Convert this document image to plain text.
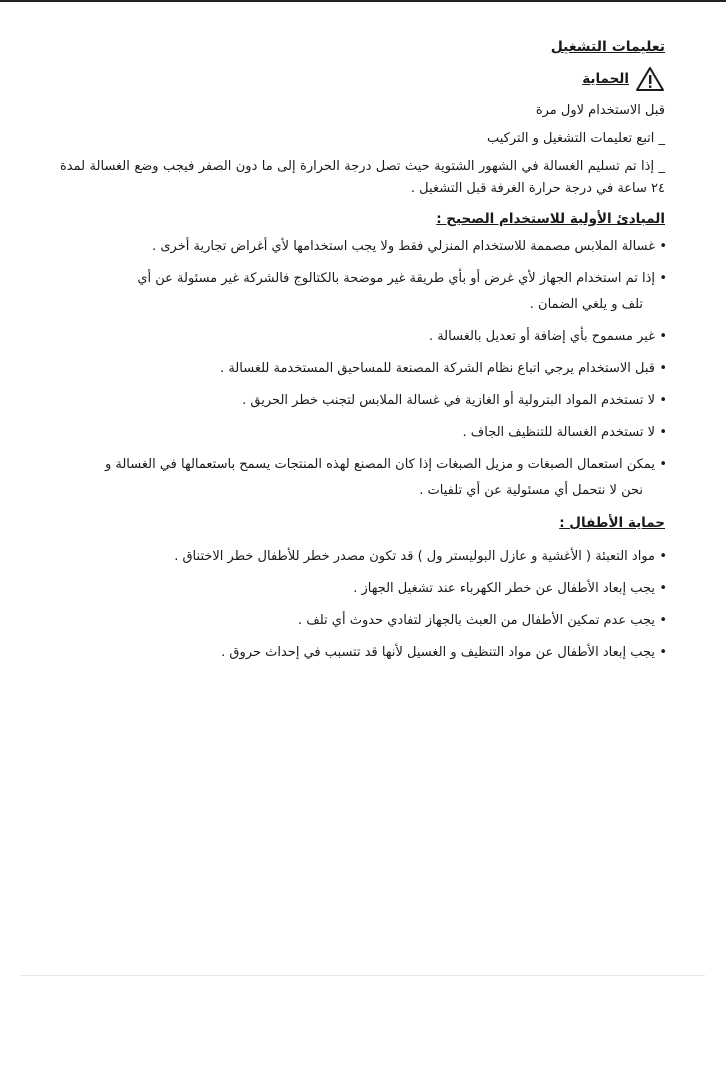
تعليمات التشغيل
الحماية

قبل الاستخدام لاول مرة

_ اتبع تعليمات التشغيل و التركيب

_ إذا تم تسليم الغسالة في الشهور الشتوية حيث تصل درجة الحرارة إلى ما دون الصفر فيجب وضع الغسالة لمدة ٢٤ ساعة في درجة حرارة الغرفة قبل التشغيل .

المبادئ الأولية للاستخدام الصحيح :
• غسالة الملابس مصممة للاستخدام المنزلي فقط ولا يجب استخدامها لأي أغراض تجارية أخرى .
• إذا تم استخدام الجهاز لأي غرض أو بأي طريقة غير موضحة بالكتالوج فالشركة غير مسئولة عن أي
تلف و يلغي الضمان .
• غير مسموح بأي إضافة أو تعديل بالغسالة .
• قبل الاستخدام يرجي اتباع نظام الشركة المصنعة للمساحيق المستخدمة للغسالة .
• لا تستخدم المواد البترولية أو الغازية في غسالة الملابس لتجنب خطر الحريق .
• لا تستخدم الغسالة للتنظيف الجاف .
• يمكن استعمال الصبغات و مزيل الصبغات إذا كان المصنع لهذه المنتجات يسمح باستعمالها في الغسالة و
نحن لا نتحمل أي مسئولية عن أي تلفيات .
حماية الأطفال :
• مواد التعبئة ( الأغشية و عازل البوليستر ول ) قد تكون مصدر خطر للأطفال خطر الاختناق .
• يجب إبعاد الأطفال عن خطر الكهرباء عند تشغيل الجهاز .
• يجب عدم تمكين الأطفال من العبث بالجهاز لتفادي حدوث أي تلف .
• يجب إبعاد الأطفال عن مواد التنظيف و الغسيل لأنها قد تتسبب في إحداث حروق .
